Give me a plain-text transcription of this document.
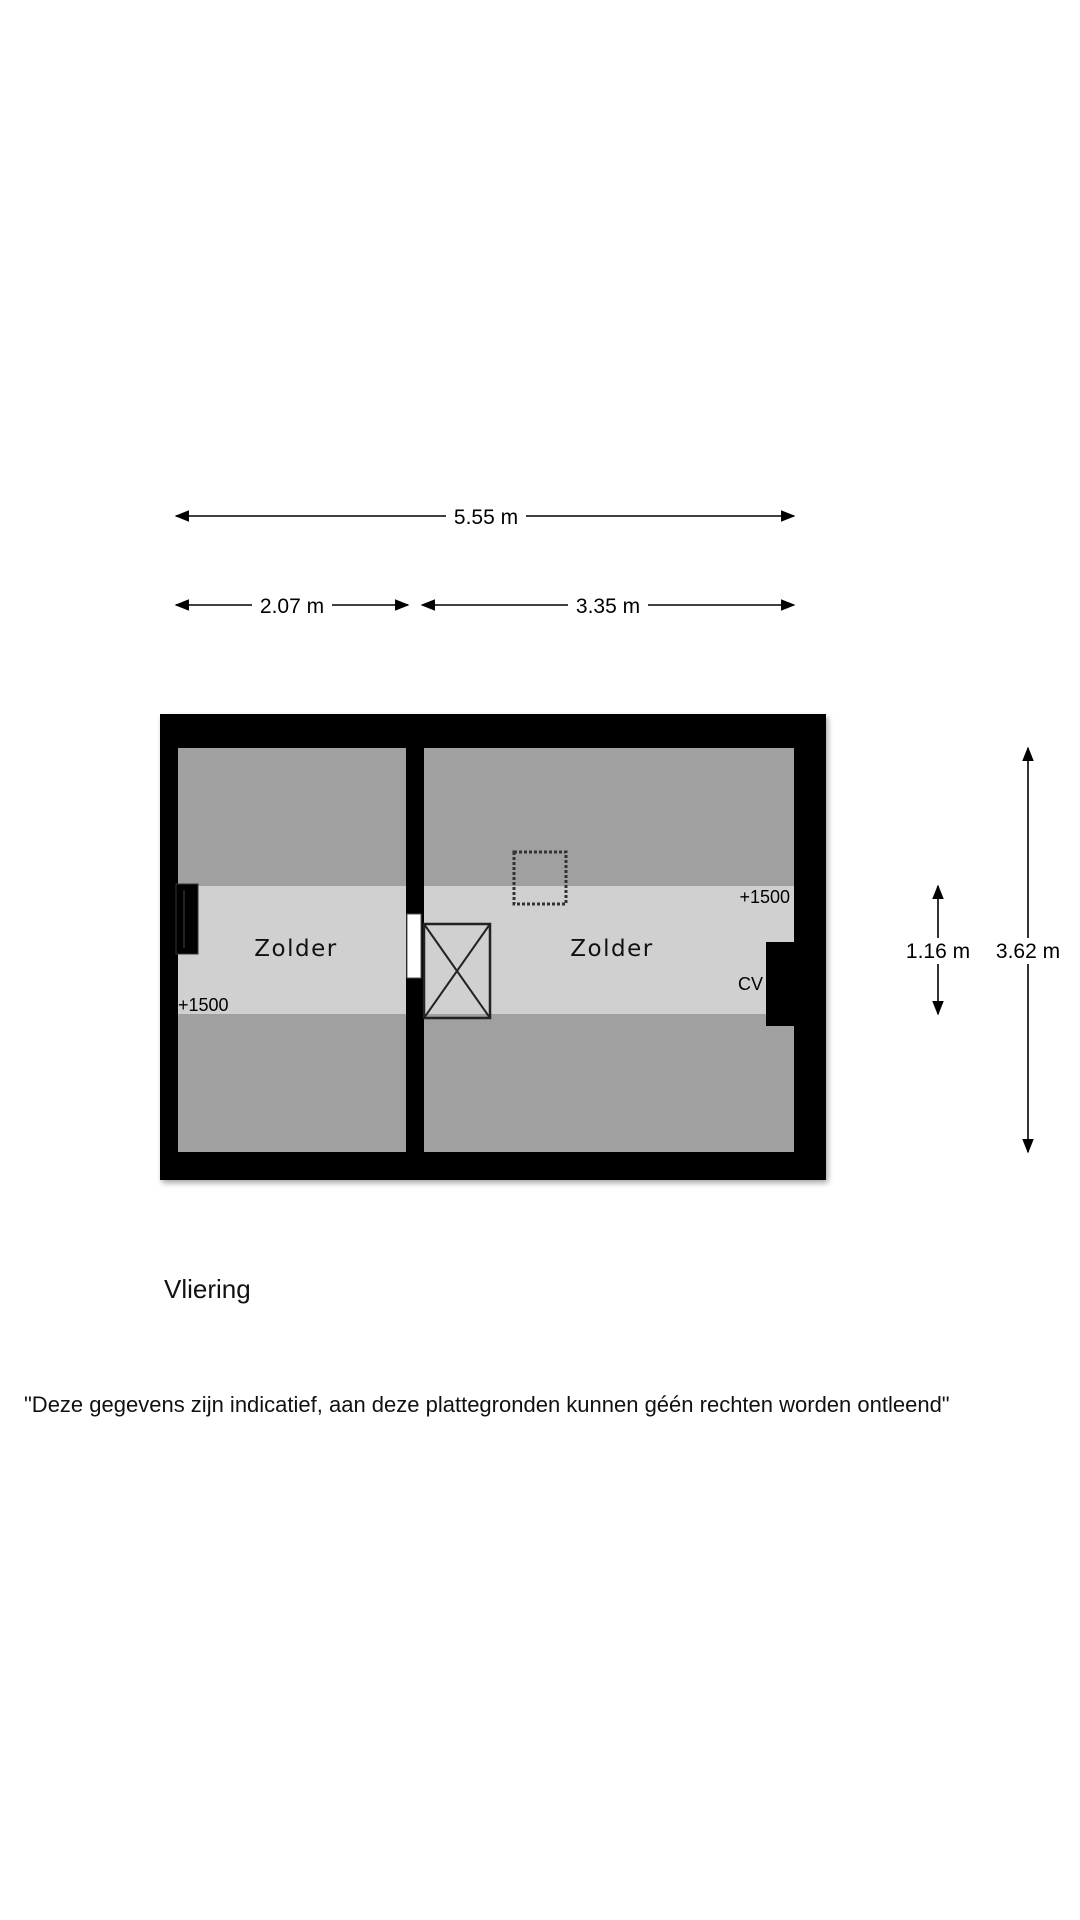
5.55 m
2.07 m	3.35 m
Zolder
+1500
Zolder
+1500
CV
1.16 m 3.62 m
Vliering
"Deze gegevens zijn indicatief, aan deze plattegronden kunnen géén rechten worden ontleend"
